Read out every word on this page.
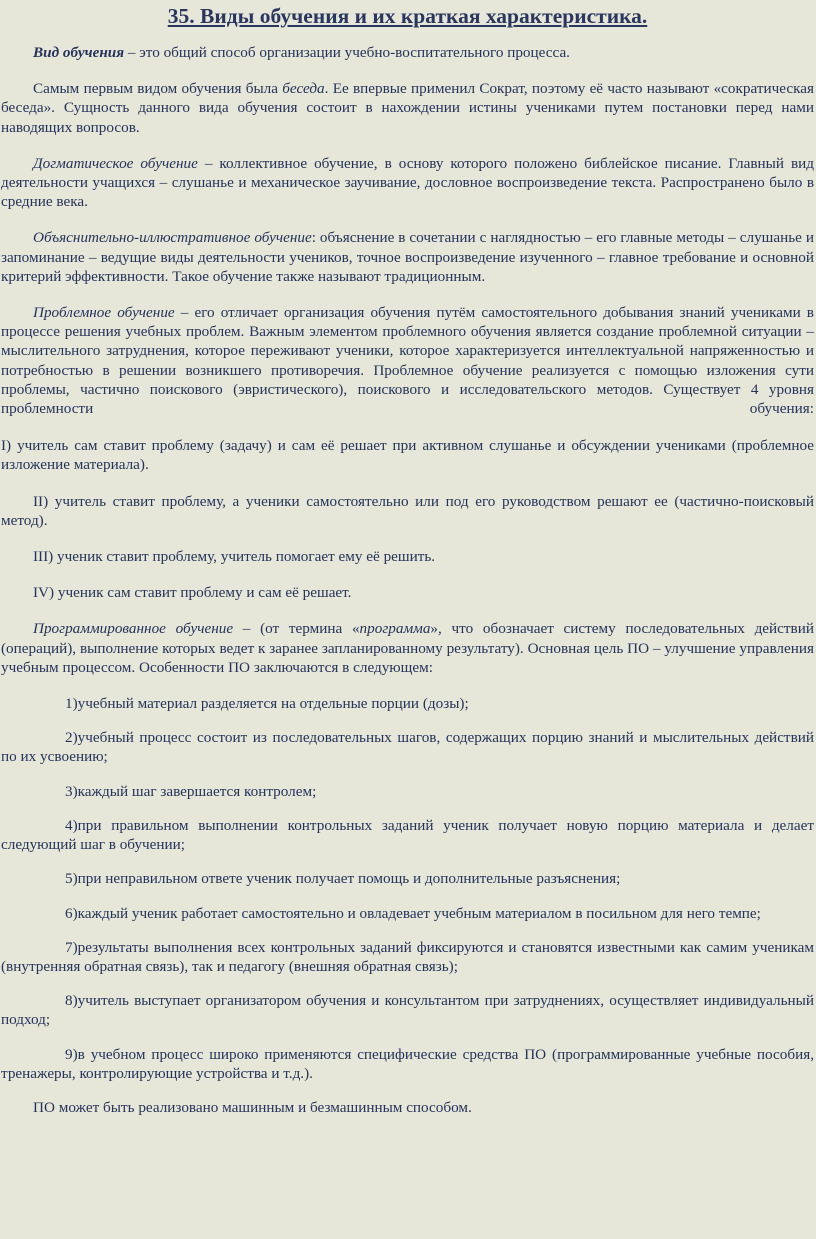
35. Виды обучения и их краткая характеристика.

Вид обучения – это общий способ организации учебно-воспитательного процесса.

Самым первым видом обучения была беседа. Ее впервые применил Сократ, поэтому её часто называют «сократическая беседа». Сущность данного вида обучения состоит в нахождении истины учениками путем постановки перед нами наводящих вопросов.

Догматическое обучение – коллективное обучение, в основу которого положено библейское писание. Главный вид деятельности учащихся – слушанье и механическое заучивание, дословное воспроизведение текста. Распространено было в средние века.

Объяснительно-иллюстративное обучение: объяснение в сочетании с наглядностью – его главные методы – слушанье и запоминание – ведущие виды деятельности учеников, точное воспроизведение изученного – главное требование и основной критерий эффективности. Такое обучение также называют традиционным.

Проблемное обучение – его отличает организация обучения путём самостоятельного добывания знаний учениками в процессе решения учебных проблем. Важным элементом проблемного обучения является создание проблемной ситуации – мыслительного затруднения, которое переживают ученики, которое характеризуется интеллектуальной напряженностью и потребностью в решении возникшего противоречия. Проблемное обучение реализуется с помощью изложения сути проблемы, частично поискового (эвристического), поискового и исследовательского методов. Существует 4 уровня проблемности обучения:

I) учитель сам ставит проблему (задачу) и сам её решает при активном слушанье и обсуждении учениками (проблемное изложение материала).

II) учитель ставит проблему, а ученики самостоятельно или под его руководством решают ее (частично-поисковый метод).

III) ученик ставит проблему, учитель помогает ему её решить.

IV) ученик сам ставит проблему и сам её решает.

Программированное обучение – (от термина «программа», что обозначает систему последовательных действий (операций), выполнение которых ведет к заранее запланированному результату). Основная цель ПО – улучшение управления учебным процессом. Особенности ПО заключаются в следующем:

1)учебный материал разделяется на отдельные порции (дозы);

2)учебный процесс состоит из последовательных шагов, содержащих порцию знаний и мыслительных действий по их усвоению;

3)каждый шаг завершается контролем;

4)при правильном выполнении контрольных заданий ученик получает новую порцию материала и делает следующий шаг в обучении;

5)при неправильном ответе ученик получает помощь и дополнительные разъяснения;

6)каждый ученик работает самостоятельно и овладевает учебным материалом в посильном для него темпе;

7)результаты выполнения всех контрольных заданий фиксируются и становятся известными как самим ученикам (внутренняя обратная связь), так и педагогу (внешняя обратная связь);

8)учитель выступает организатором обучения и консультантом при затруднениях, осуществляет индивидуальный подход;

9)в учебном процесс широко применяются специфические средства ПО (программированные учебные пособия, тренажеры, контролирующие устройства и т.д.).

ПО может быть реализовано машинным и безмашинным способом.
